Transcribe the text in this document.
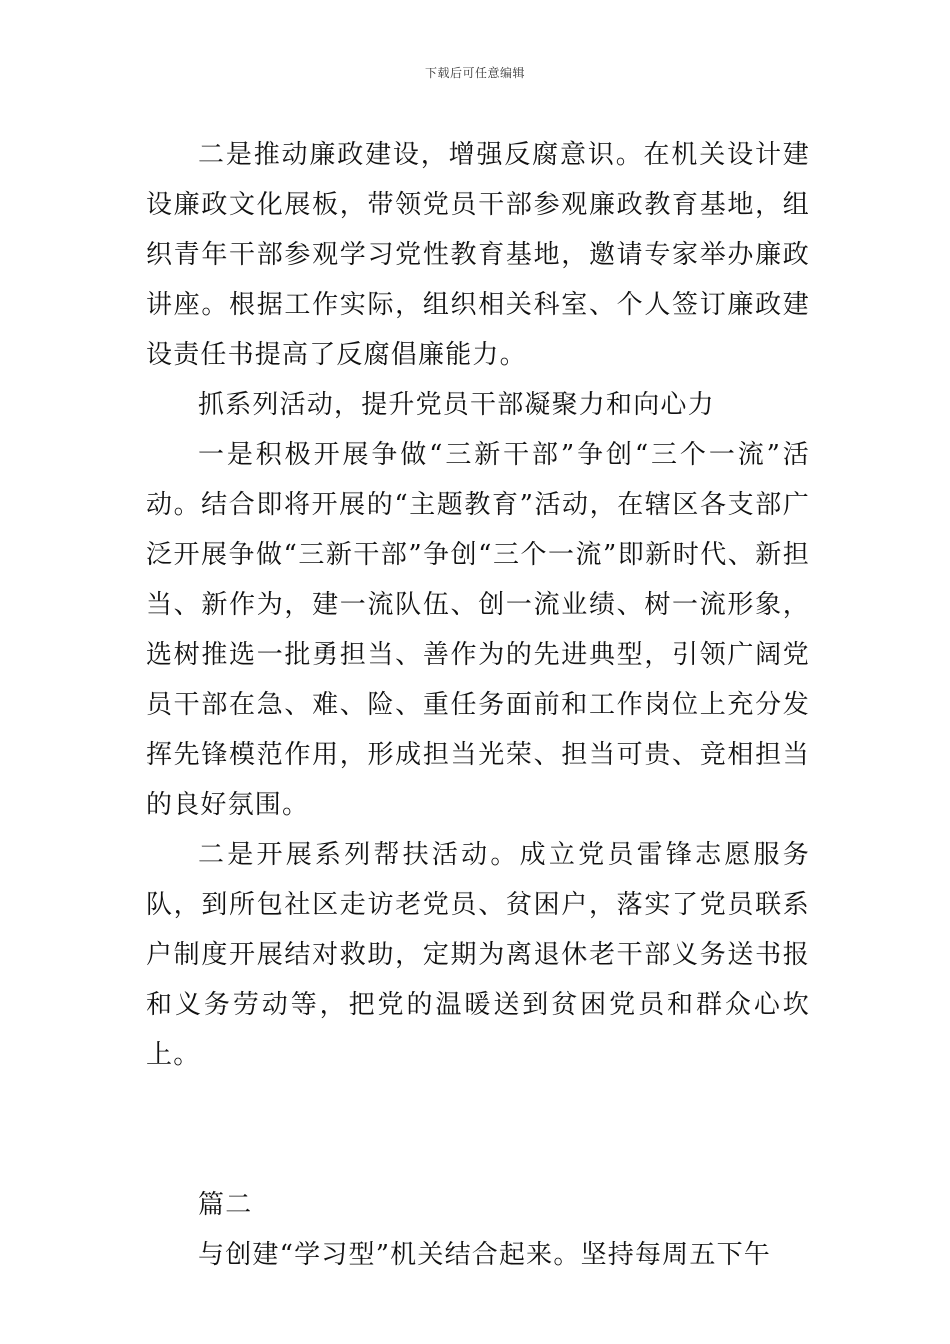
下载后可任意编辑

二是推动廉政建设，增强反腐意识。在机关设计建设廉政文化展板，带领党员干部参观廉政教育基地，组织青年干部参观学习党性教育基地，邀请专家举办廉政讲座。根据工作实际，组织相关科室、个人签订廉政建设责任书提高了反腐倡廉能力。

抓系列活动，提升党员干部凝聚力和向心力

一是积极开展争做“三新干部”争创“三个一流”活动。结合即将开展的“主题教育”活动，在辖区各支部广泛开展争做“三新干部”争创“三个一流”即新时代、新担当、新作为，建一流队伍、创一流业绩、树一流形象，选树推选一批勇担当、善作为的先进典型，引领广阔党员干部在急、难、险、重任务面前和工作岗位上充分发挥先锋模范作用，形成担当光荣、担当可贵、竞相担当的良好氛围。

二是开展系列帮扶活动。成立党员雷锋志愿服务队，到所包社区走访老党员、贫困户，落实了党员联系户制度开展结对救助，定期为离退休老干部义务送书报和义务劳动等，把党的温暖送到贫困党员和群众心坎上。

篇二

与创建“学习型”机关结合起来。坚持每周五下午
